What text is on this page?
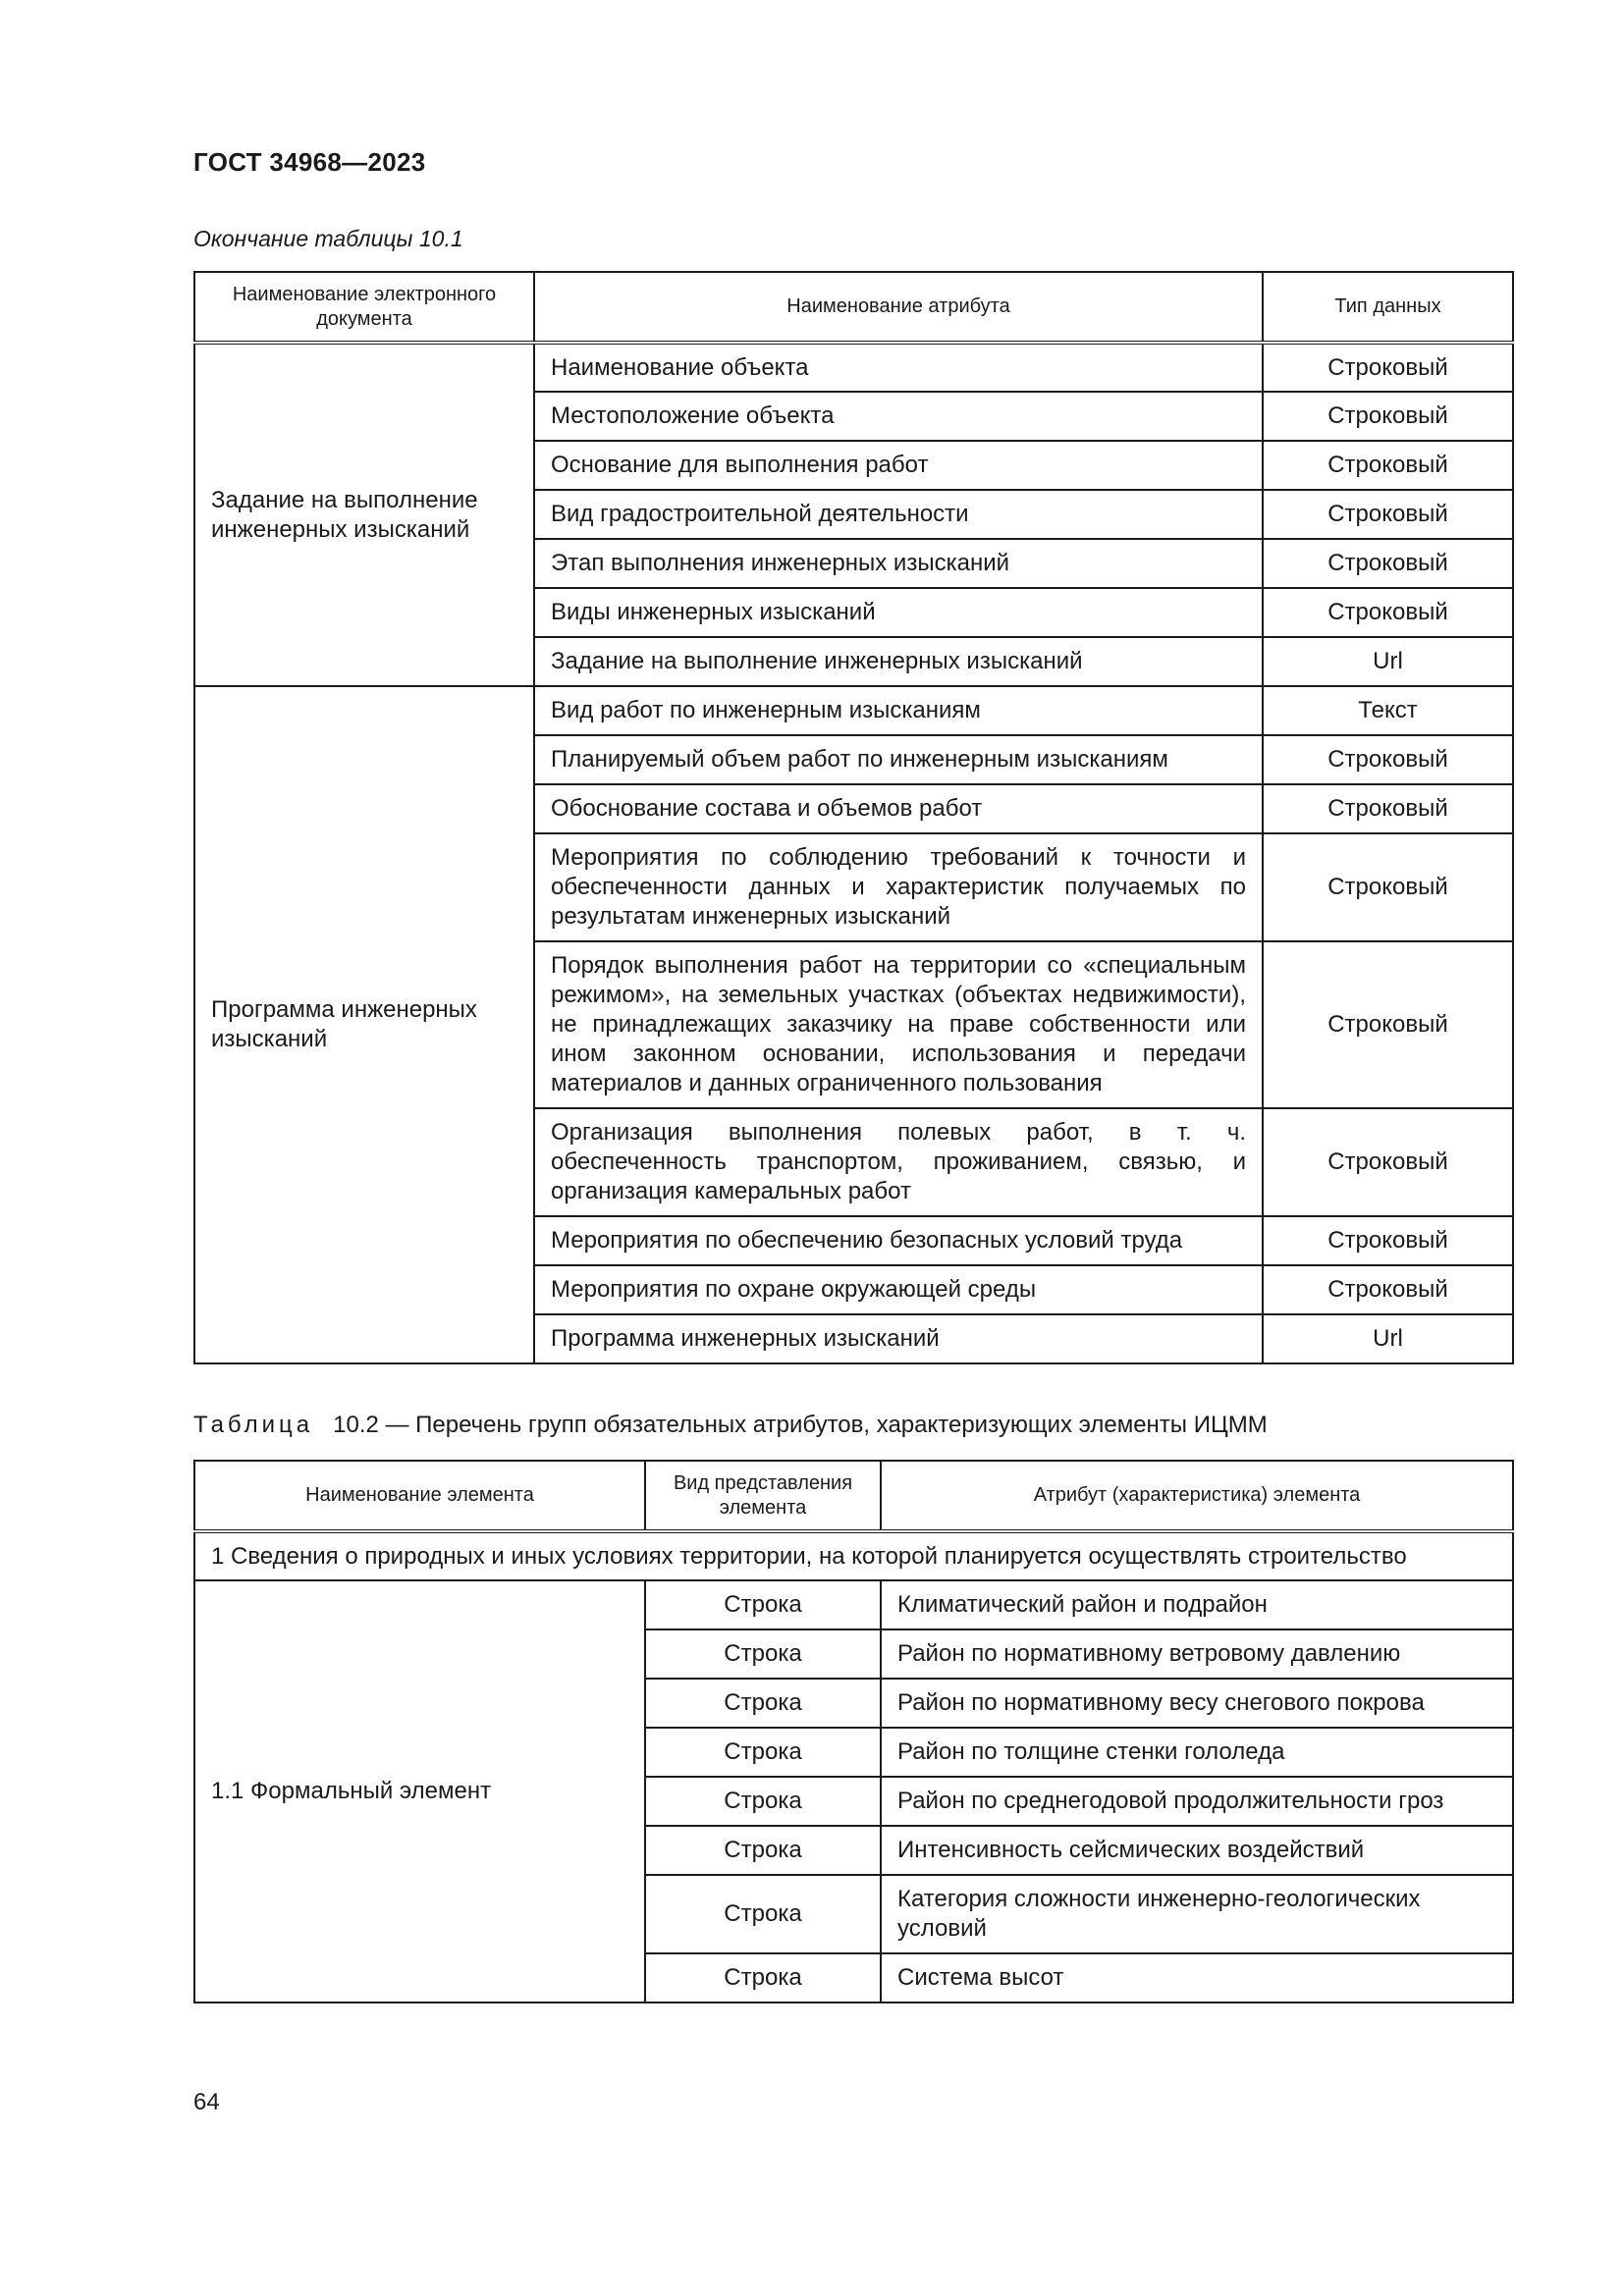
ГОСТ 34968—2023
Окончание таблицы 10.1
Наименование электронного документа	Наименование атрибута	Тип данных
Задание на выполнение инженерных изысканий	Наименование объекта	Строковый
	Местоположение объекта	Строковый
	Основание для выполнения работ	Строковый
	Вид градостроительной деятельности	Строковый
	Этап выполнения инженерных изысканий	Строковый
	Виды инженерных изысканий	Строковый
	Задание на выполнение инженерных изысканий	Url
Программа инженерных изысканий	Вид работ по инженерным изысканиям	Текст
	Планируемый объем работ по инженерным изысканиям	Строковый
	Обоснование состава и объемов работ	Строковый
	Мероприятия по соблюдению требований к точности и обеспеченности данных и характеристик получаемых по результатам инженерных изысканий	Строковый
	Порядок выполнения работ на территории со «специальным режимом», на земельных участках (объектах недвижимости), не принадлежащих заказчику на праве собственности или ином законном основании, использования и передачи материалов и данных ограниченного пользования	Строковый
	Организация выполнения полевых работ, в т. ч. обеспеченность транспортом, проживанием, связью, и организация камеральных работ	Строковый
	Мероприятия по обеспечению безопасных условий труда	Строковый
	Мероприятия по охране окружающей среды	Строковый
	Программа инженерных изысканий	Url
Таблица 10.2 — Перечень групп обязательных атрибутов, характеризующих элементы ИЦММ
Наименование элемента	Вид представления элемента	Атрибут (характеристика) элемента
1 Сведения о природных и иных условиях территории, на которой планируется осуществлять строительство		
1.1 Формальный элемент	Строка	Климатический район и подрайон
	Строка	Район по нормативному ветровому давлению
	Строка	Район по нормативному весу снегового покрова
	Строка	Район по толщине стенки гололеда
	Строка	Район по среднегодовой продолжительности гроз
	Строка	Интенсивность сейсмических воздействий
	Строка	Категория сложности инженерно-геологических условий
	Строка	Система высот
64
